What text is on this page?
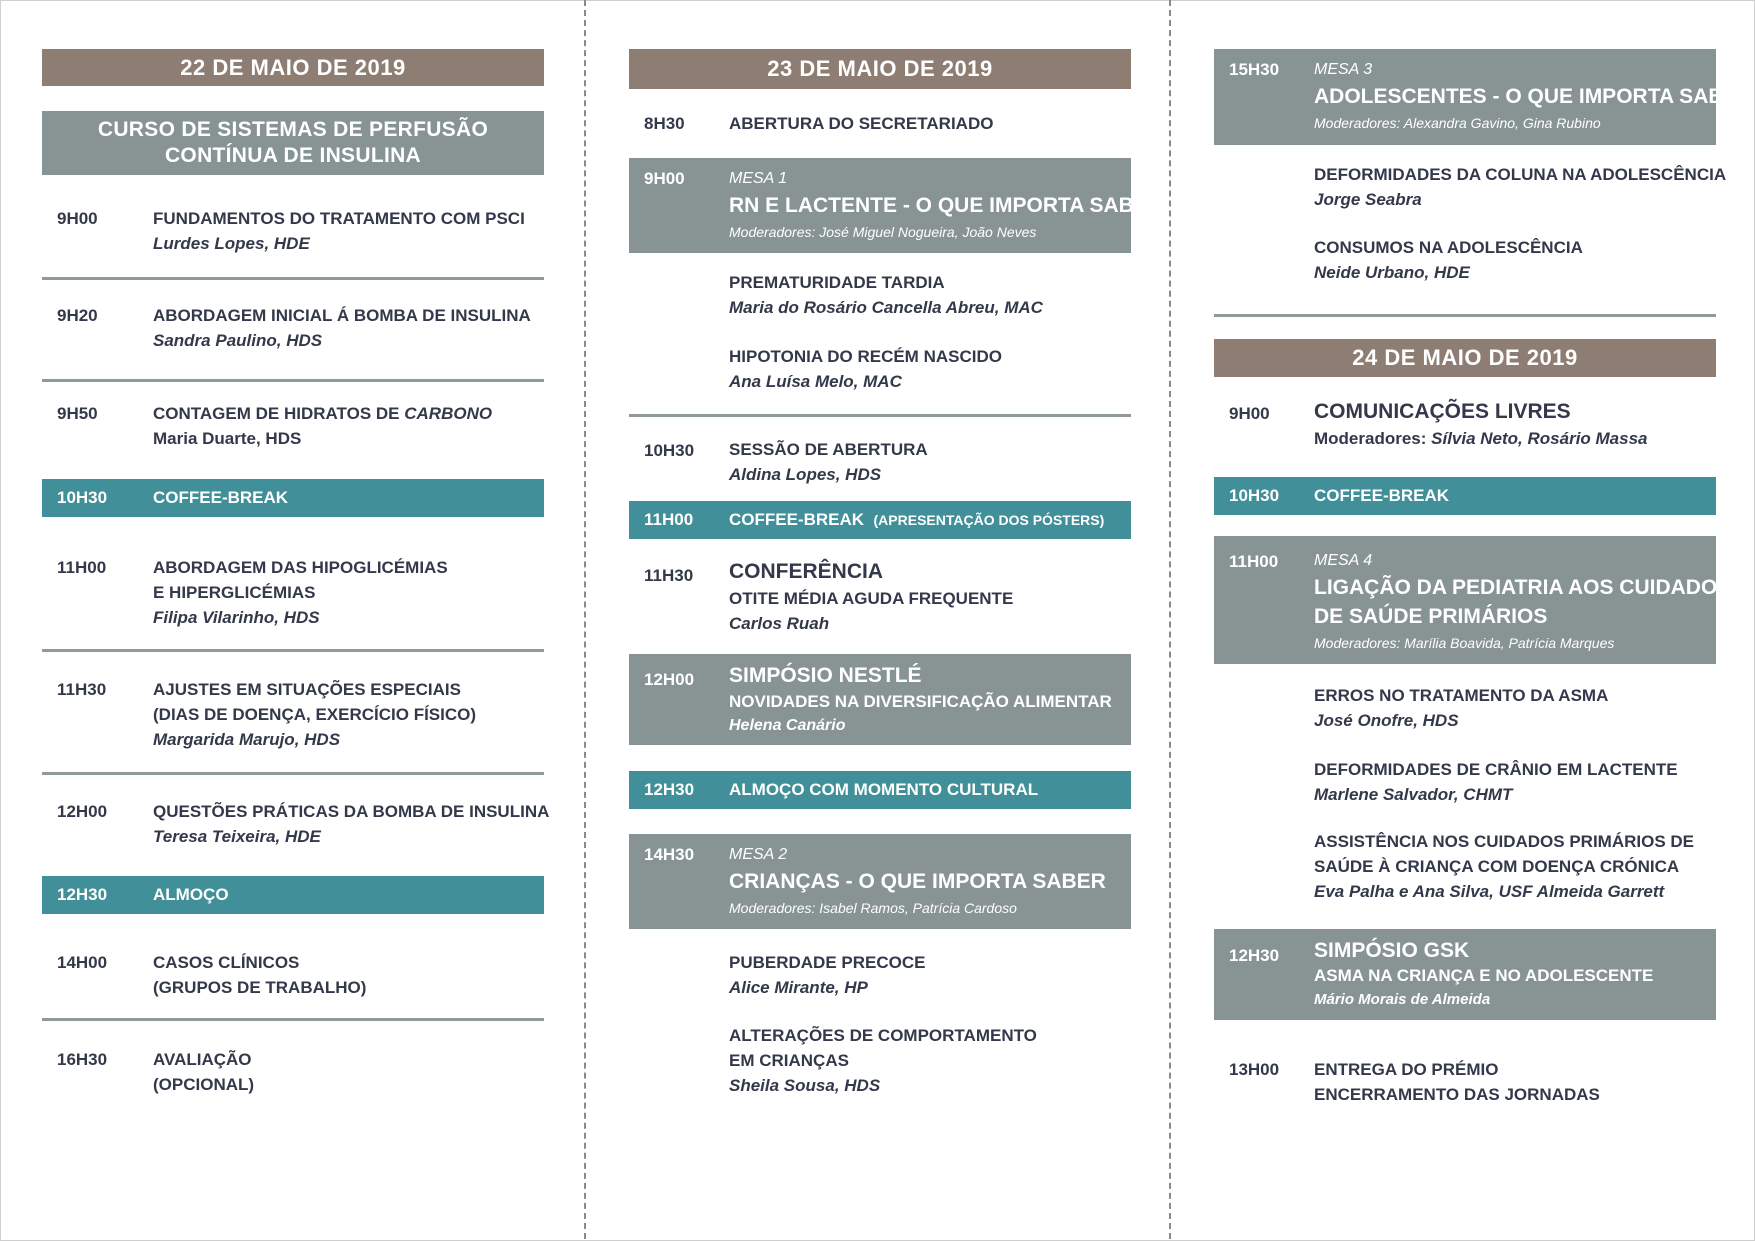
22 DE MAIO DE 2019
CURSO DE SISTEMAS DE PERFUSÃO
CONTÍNUA DE INSULINA
9H00	FUNDAMENTOS DO TRATAMENTO COM PSCI
Lurdes Lopes, HDE
9H20	ABORDAGEM INICIAL Á BOMBA DE INSULINA
Sandra Paulino, HDS
9H50	CONTAGEM DE HIDRATOS DE CARBONO
Maria Duarte, HDS
10H30	COFFEE-BREAK
11H00	ABORDAGEM DAS HIPOGLICÉMIAS
E HIPERGLICÉMIAS
Filipa Vilarinho, HDS
11H30	AJUSTES EM SITUAÇÕES ESPECIAIS
(DIAS DE DOENÇA, EXERCÍCIO FÍSICO)
Margarida Marujo, HDS
12H00	QUESTÕES PRÁTICAS DA BOMBA DE INSULINA
Teresa Teixeira, HDE
12H30	ALMOÇO
14H00	CASOS CLÍNICOS
(GRUPOS DE TRABALHO)
16H30	AVALIAÇÃO
(OPCIONAL)
23 DE MAIO DE 2019
8H30	ABERTURA DO SECRETARIADO
9H00	MESA 1
RN E LACTENTE - O QUE IMPORTA SABER
Moderadores: José Miguel Nogueira, João Neves
PREMATURIDADE TARDIA
Maria do Rosário Cancella Abreu, MAC
HIPOTONIA DO RECÉM NASCIDO
Ana Luísa Melo, MAC
10H30 SESSÃO DE ABERTURA
Aldina Lopes, HDS
11H00 COFFEE-BREAK (APRESENTAÇÃO DOS PÓSTERS)
11H30 CONFERÊNCIA
OTITE MÉDIA AGUDA FREQUENTE
Carlos Ruah
12H00 SIMPÓSIO NESTLÉ
NOVIDADES NA DIVERSIFICAÇÃO ALIMENTAR
Helena Canário
12H30 ALMOÇO COM MOMENTO CULTURAL
14H30 MESA 2
CRIANÇAS - O QUE IMPORTA SABER
Moderadores: Isabel Ramos, Patrícia Cardoso
PUBERDADE PRECOCE
Alice Mirante, HP
ALTERAÇÕES DE COMPORTAMENTO
EM CRIANÇAS
Sheila Sousa, HDS
15H30 MESA 3
ADOLESCENTES - O QUE IMPORTA SABER
Moderadores: Alexandra Gavino, Gina Rubino
DEFORMIDADES DA COLUNA NA ADOLESCÊNCIA
Jorge Seabra
CONSUMOS NA ADOLESCÊNCIA
Neide Urbano, HDE
24 DE MAIO DE 2019
9H00 COMUNICAÇÕES LIVRES
Moderadores: Sílvia Neto, Rosário Massa
10H30 COFFEE-BREAK
11H00 MESA 4
LIGAÇÃO DA PEDIATRIA AOS CUIDADOS
DE SAÚDE PRIMÁRIOS
Moderadores: Marília Boavida, Patrícia Marques
ERROS NO TRATAMENTO DA ASMA
José Onofre, HDS
DEFORMIDADES DE CRÂNIO EM LACTENTE
Marlene Salvador, CHMT
ASSISTÊNCIA NOS CUIDADOS PRIMÁRIOS DE
SAÚDE À CRIANÇA COM DOENÇA CRÓNICA
Eva Palha e Ana Silva, USF Almeida Garrett
12H30 SIMPÓSIO GSK
ASMA NA CRIANÇA E NO ADOLESCENTE
Mário Morais de Almeida
13H00 ENTREGA DO PRÉMIO
ENCERRAMENTO DAS JORNADAS
